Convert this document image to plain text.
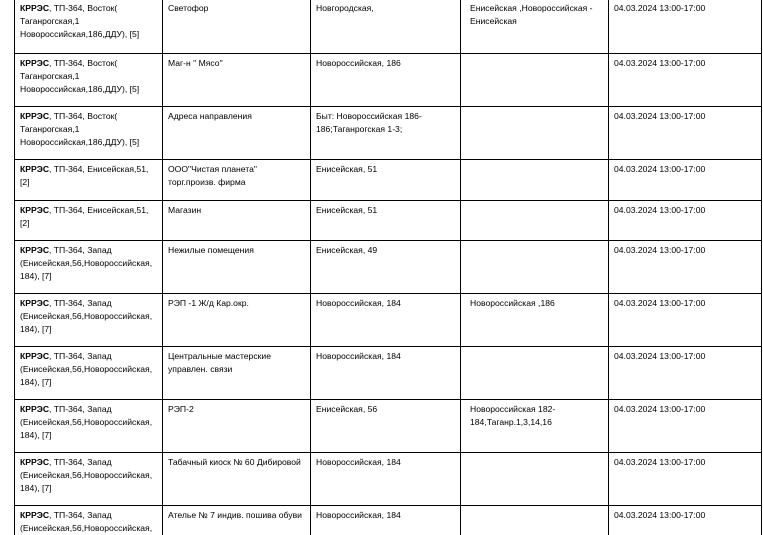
КРРЭС, ТП-364, Восток( Таганрогская,1 Новороссийская,186,ДДУ), [5]	Светофор	Новгородская,	Енисейская ,Новороссийская - Енисейская	04.03.2024 13:00-17:00
КРРЭС, ТП-364, Восток( Таганрогская,1 Новороссийская,186,ДДУ), [5]	Маг-н " Мясо"	Новороссийская, 186		04.03.2024 13:00-17:00
КРРЭС, ТП-364, Восток( Таганрогская,1 Новороссийская,186,ДДУ), [5]	Адреса направления	Быт: Новороссийская 186-186;Таганрогская 1-3;		04.03.2024 13:00-17:00
КРРЭС, ТП-364, Енисейская,51, [2]	ООО"Чистая планета" торг.произв. фирма	Енисейская, 51		04.03.2024 13:00-17:00
КРРЭС, ТП-364, Енисейская,51, [2]	Магазин	Енисейская, 51		04.03.2024 13:00-17:00
КРРЭС, ТП-364, Запад (Енисейская,56,Новороссийская, 184), [7]	Нежилые помещения	Енисейская, 49		04.03.2024 13:00-17:00
КРРЭС, ТП-364, Запад (Енисейская,56,Новороссийская, 184), [7]	РЭП -1 Ж/д Кар.окр.	Новороссийская, 184	Новороссийская ,186	04.03.2024 13:00-17:00
КРРЭС, ТП-364, Запад (Енисейская,56,Новороссийская, 184), [7]	Центральные мастерские управлен. связи	Новороссийская, 184		04.03.2024 13:00-17:00
КРРЭС, ТП-364, Запад (Енисейская,56,Новороссийская, 184), [7]	РЭП-2	Енисейская, 56	Новороссийская 182-184,Таганр.1,3,14,16	04.03.2024 13:00-17:00
КРРЭС, ТП-364, Запад (Енисейская,56,Новороссийская, 184), [7]	Табачный киоск № 60 Дибировой	Новороссийская, 184		04.03.2024 13:00-17:00
КРРЭС, ТП-364, Запад (Енисейская,56,Новороссийская,	Ателье № 7 индив. пошива обуви	Новороссийская, 184		04.03.2024 13:00-17:00
